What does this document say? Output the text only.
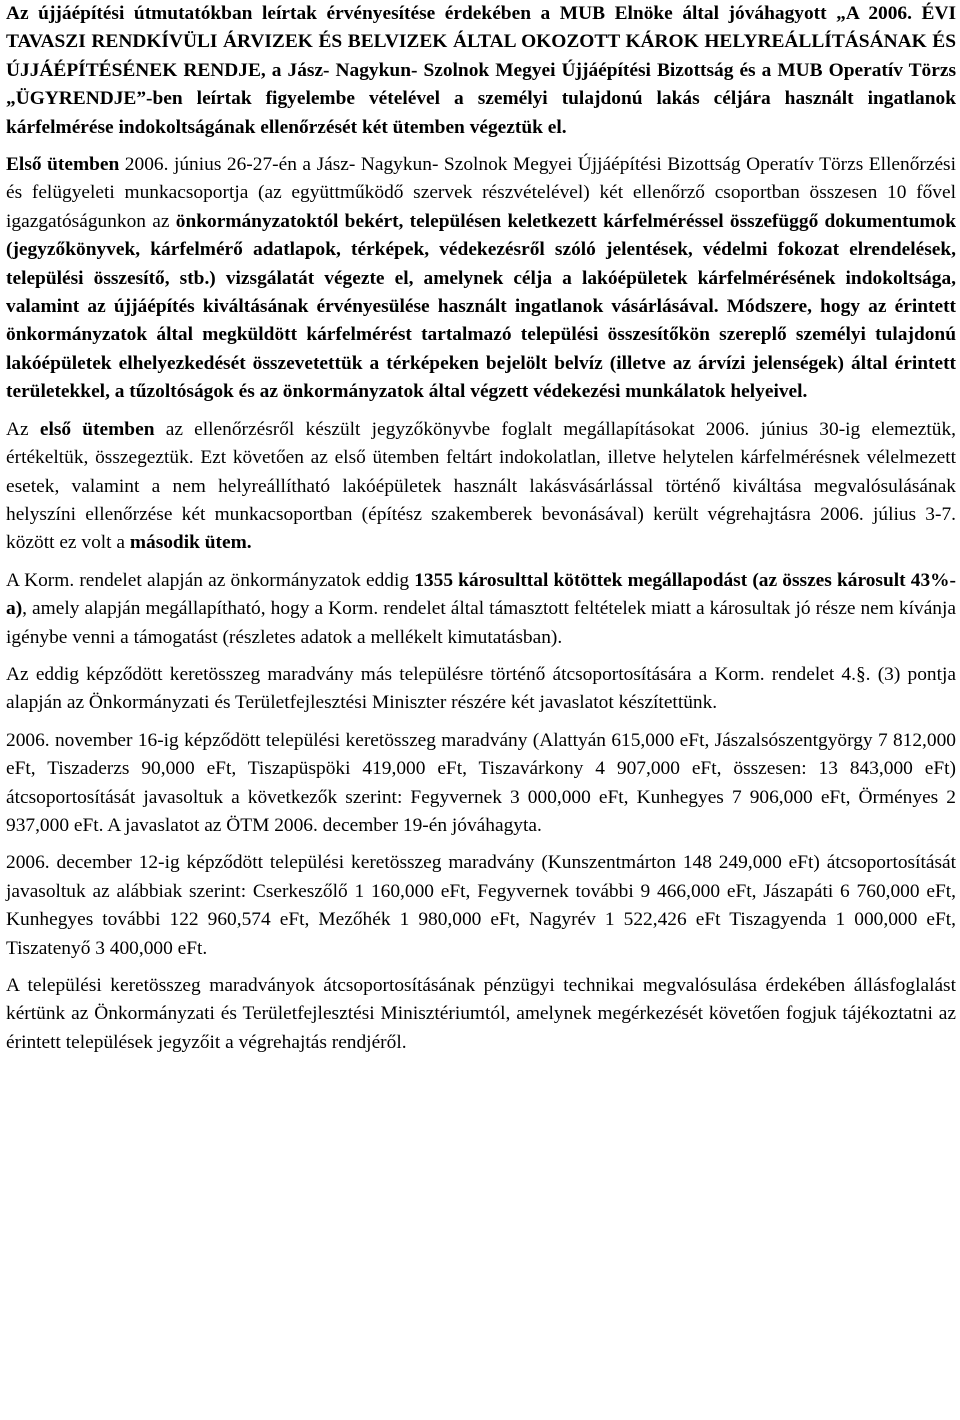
Az újjáépítési útmutatókban leírtak érvényesítése érdekében a MUB Elnöke által jóváhagyott „A 2006. ÉVI TAVASZI RENDKÍVÜLI ÁRVIZEK ÉS BELVIZEK ÁLTAL OKOZOTT KÁROK HELYREÁLLÍTÁSÁNAK ÉS ÚJJÁÉPÍTÉSÉNEK RENDJE, a Jász- Nagykun- Szolnok Megyei Újjáépítési Bizottság és a MUB Operatív Törzs „ÜGYRENDJE”-ben leírtak figyelembe vételével a személyi tulajdonú lakás céljára használt ingatlanok kárfelmérése indokoltságának ellenőrzését két ütemben végeztük el.

Első ütemben 2006. június 26-27-én a Jász- Nagykun- Szolnok Megyei Újjáépítési Bizottság Operatív Törzs Ellenőrzési és felügyeleti munkacsoportja (az együttműködő szervek részvételével) két ellenőrző csoportban összesen 10 fővel igazgatóságunkon az önkormányzatoktól bekért, településen keletkezett kárfelméréssel összefüggő dokumentumok (jegyzőkönyvek, kárfelmérő adatlapok, térképek, védekezésről szóló jelentések, védelmi fokozat elrendelések, települési összesítő, stb.) vizsgálatát végezte el, amelynek célja a lakóépületek kárfelmérésének indokoltsága, valamint az újjáépítés kiváltásának érvényesülése használt ingatlanok vásárlásával. Módszere, hogy az érintett önkormányzatok által megküldött kárfelmérést tartalmazó települési összesítőkön szereplő személyi tulajdonú lakóépületek elhelyezkedését összevetettük a térképeken bejelölt belvíz (illetve az árvízi jelenségek) által érintett területekkel, a tűzoltóságok és az önkormányzatok által végzett védekezési munkálatok helyeivel.

Az első ütemben az ellenőrzésről készült jegyzőkönyvbe foglalt megállapításokat 2006. június 30-ig elemeztük, értékeltük, összegeztük. Ezt követően az első ütemben feltárt indokolatlan, illetve helytelen kárfelmérésnek vélelmezett esetek, valamint a nem helyreállítható lakóépületek használt lakásvásárlással történő kiváltása megvalósulásának helyszíni ellenőrzése két munkacsoportban (építész szakemberek bevonásával) került végrehajtásra 2006. július 3-7. között ez volt a második ütem.

A Korm. rendelet alapján az önkormányzatok eddig 1355 károsulttal kötöttek megállapodást (az összes károsult 43%-a), amely alapján megállapítható, hogy a Korm. rendelet által támasztott feltételek miatt a károsultak jó része nem kívánja igénybe venni a támogatást (részletes adatok a mellékelt kimutatásban).

Az eddig képződött keretösszeg maradvány más településre történő átcsoportosítására a Korm. rendelet 4.§. (3) pontja alapján az Önkormányzati és Területfejlesztési Miniszter részére két javaslatot készítettünk.

2006. november 16-ig képződött települési keretösszeg maradvány (Alattyán 615,000 eFt, Jászalsószentgyörgy 7 812,000 eFt, Tiszaderzs 90,000 eFt, Tiszapüspöki 419,000 eFt, Tiszavárkony 4 907,000 eFt, összesen: 13 843,000 eFt) átcsoportosítását javasoltuk a következők szerint: Fegyvernek 3 000,000 eFt, Kunhegyes 7 906,000 eFt, Örményes 2 937,000 eFt. A javaslatot az ÖTM 2006. december 19-én jóváhagyta.

2006. december 12-ig képződött települési keretösszeg maradvány (Kunszentmárton 148 249,000 eFt) átcsoportosítását javasoltuk az alábbiak szerint: Cserkeszőlő 1 160,000 eFt, Fegyvernek további 9 466,000 eFt, Jászapáti 6 760,000 eFt, Kunhegyes további 122 960,574 eFt, Mezőhék 1 980,000 eFt, Nagyrév 1 522,426 eFt Tiszagyenda 1 000,000 eFt, Tiszatenyő 3 400,000 eFt.

A települési keretösszeg maradványok átcsoportosításának pénzügyi technikai megvalósulása érdekében állásfoglalást kértünk az Önkormányzati és Területfejlesztési Minisztériumtól, amelynek megérkezését követően fogjuk tájékoztatni az érintett települések jegyzőit a végrehajtás rendjéről.
